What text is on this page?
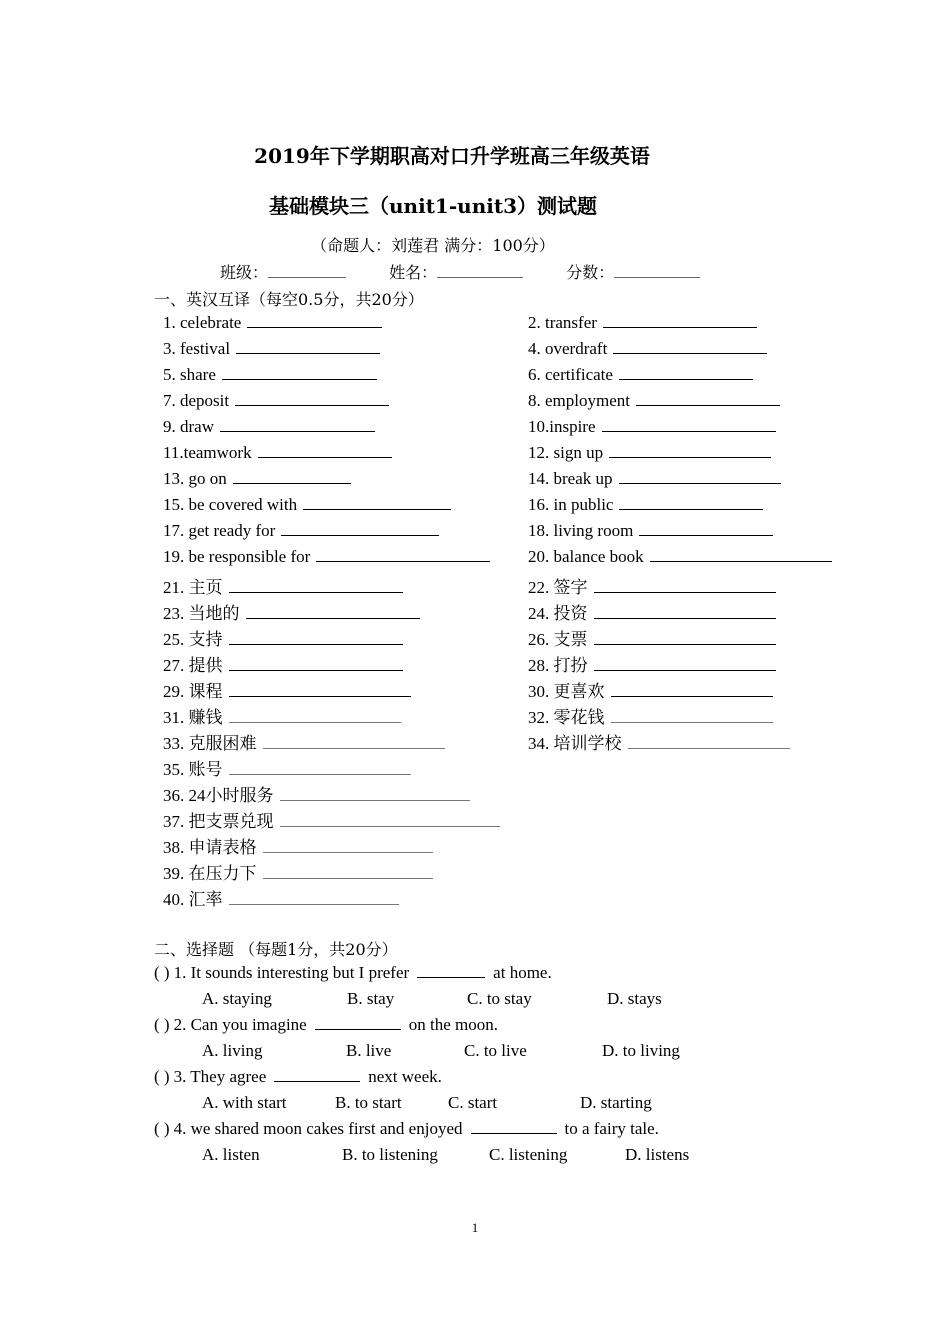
2019年下学期职高对口升学班高三年级英语
基础模块三（unit1-unit3）测试题
（命题人：刘莲君 满分：100分）
班级：	姓名：	分数：
一、英汉互译（每空0.5分，共20分）
1. celebrate	2. transfer
3. festival	4. overdraft
5. share	6. certificate
7. deposit	8. employment
9. draw	10.inspire
11.teamwork	12. sign up
13. go on	14. break up
15. be covered with	16. in public
17. get ready for	18. living room
19. be responsible for	20. balance book
21. 主页	22. 签字
23. 当地的	24. 投资
25. 支持	26. 支票
27. 提供	28. 打扮
29. 课程	30. 更喜欢
31. 赚钱	32. 零花钱
33. 克服困难	34. 培训学校
35. 账号
36. 24小时服务
37. 把支票兑现
38. 申请表格
39. 在压力下
40. 汇率
二、选择题 （每题1分，共20分）
( ) 1. It sounds interesting but I prefer	at home.
A. staying	B. stay	C. to stay	D. stays
( ) 2. Can you imagine	on the moon.
A. living	B. live	C. to live	D. to living
( ) 3. They agree	next week.
A. with start	B. to start	C. start	D. starting
( ) 4. we shared moon cakes first and enjoyed	to a fairy tale.
A. listen	B. to listening	C. listening	D. listens
1
